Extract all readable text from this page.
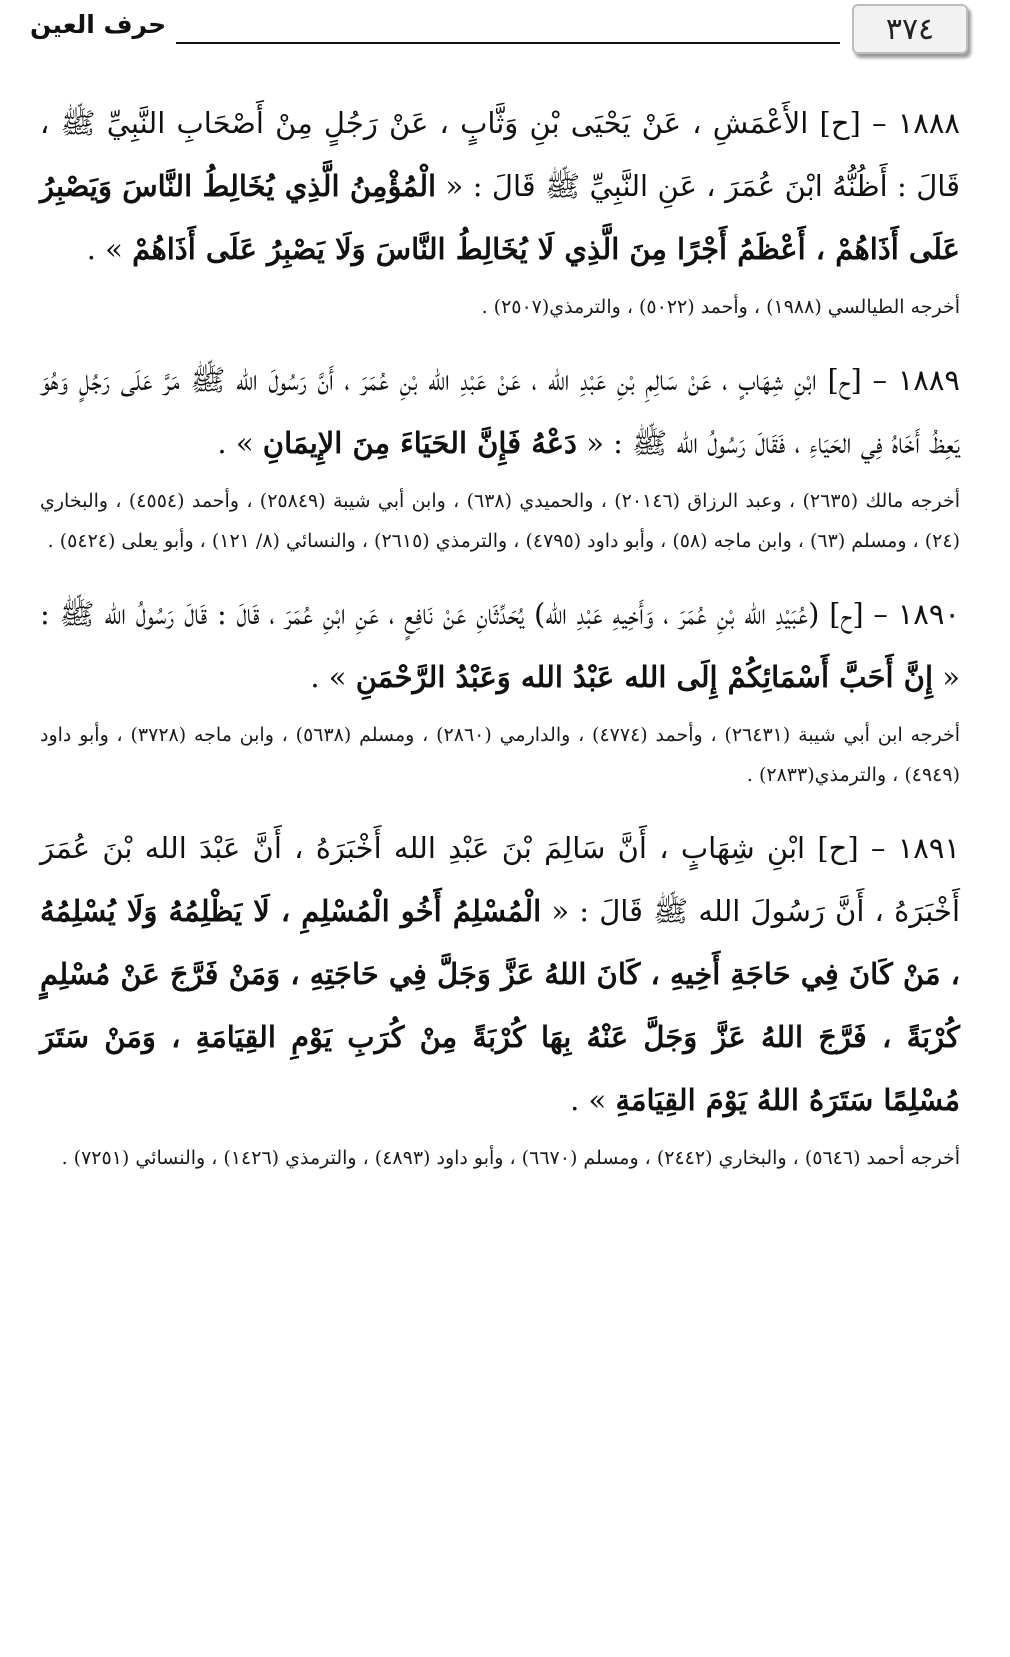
٣٧٤
حرف العين

١٨٨٨ – [ح] الأَعْمَشِ ، عَنْ يَحْيَى بْنِ وَثَّابٍ ، عَنْ رَجُلٍ مِنْ أَصْحَابِ النَّبِيِّ ﷺ ، قَالَ : أَظُنُّهُ ابْنَ عُمَرَ ، عَنِ النَّبِيِّ ﷺ قَالَ : « الْمُؤْمِنُ الَّذِي يُخَالِطُ النَّاسَ وَيَصْبِرُ عَلَى أَذَاهُمْ ، أَعْظَمُ أَجْرًا مِنَ الَّذِي لَا يُخَالِطُ النَّاسَ وَلَا يَصْبِرُ عَلَى أَذَاهُمْ » .

أخرجه الطيالسي (١٩٨٨) ، وأحمد (٥٠٢٢) ، والترمذي(٢٥٠٧) .

١٨٨٩ – [ح] ابْنِ شِهَابٍ ، عَنْ سَالِمِ بْنِ عَبْدِ الله ، عَنْ عَبْدِ الله بْنِ عُمَرَ ، أَنَّ رَسُولَ الله ﷺ مَرَّ عَلَى رَجُلٍ وَهُوَ يَعِظُ أَخَاهُ فِي الحَيَاءِ ، فَقَالَ رَسُولُ الله ﷺ : « دَعْهُ فَإِنَّ الحَيَاءَ مِنَ الإِيمَانِ » .

أخرجه مالك (٢٦٣٥) ، وعبد الرزاق (٢٠١٤٦) ، والحميدي (٦٣٨) ، وابن أبي شيبة (٢٥٨٤٩) ، وأحمد (٤٥٥٤) ، والبخاري (٢٤) ، ومسلم (٦٣) ، وابن ماجه (٥٨) ، وأبو داود (٤٧٩٥) ، والترمذي (٢٦١٥) ، والنسائي (٨/ ١٢١) ، وأبو يعلى (٥٤٢٤) .

١٨٩٠ – [ح] (عُبَيْدِ الله بْنِ عُمَرَ ، وَأَخِيهِ عَبْدِ الله) يُحَدِّثَانِ عَنْ نَافِعٍ ، عَنِ ابْنِ عُمَرَ ، قَالَ : قَالَ رَسُولُ الله ﷺ : « إِنَّ أَحَبَّ أَسْمَائِكُمْ إِلَى الله عَبْدُ الله وَعَبْدُ الرَّحْمَنِ » .

أخرجه ابن أبي شيبة (٢٦٤٣١) ، وأحمد (٤٧٧٤) ، والدارمي (٢٨٦٠) ، ومسلم (٥٦٣٨) ، وابن ماجه (٣٧٢٨) ، وأبو داود (٤٩٤٩) ، والترمذي(٢٨٣٣) .

١٨٩١ – [ح] ابْنِ شِهَابٍ ، أَنَّ سَالِمَ بْنَ عَبْدِ الله أَخْبَرَهُ ، أَنَّ عَبْدَ الله بْنَ عُمَرَ أَخْبَرَهُ ، أَنَّ رَسُولَ الله ﷺ قَالَ : « الْمُسْلِمُ أَخُو الْمُسْلِمِ ، لَا يَظْلِمُهُ وَلَا يُسْلِمُهُ ، مَنْ كَانَ فِي حَاجَةِ أَخِيهِ ، كَانَ اللهُ عَزَّ وَجَلَّ فِي حَاجَتِهِ ، وَمَنْ فَرَّجَ عَنْ مُسْلِمٍ كُرْبَةً ، فَرَّجَ اللهُ عَزَّ وَجَلَّ عَنْهُ بِهَا كُرْبَةً مِنْ كُرَبِ يَوْمِ القِيَامَةِ ، وَمَنْ سَتَرَ مُسْلِمًا سَتَرَهُ اللهُ يَوْمَ القِيَامَةِ » .

أخرجه أحمد (٥٦٤٦) ، والبخاري (٢٤٤٢) ، ومسلم (٦٦٧٠) ، وأبو داود (٤٨٩٣) ، والترمذي (١٤٢٦) ، والنسائي (٧٢٥١) .
